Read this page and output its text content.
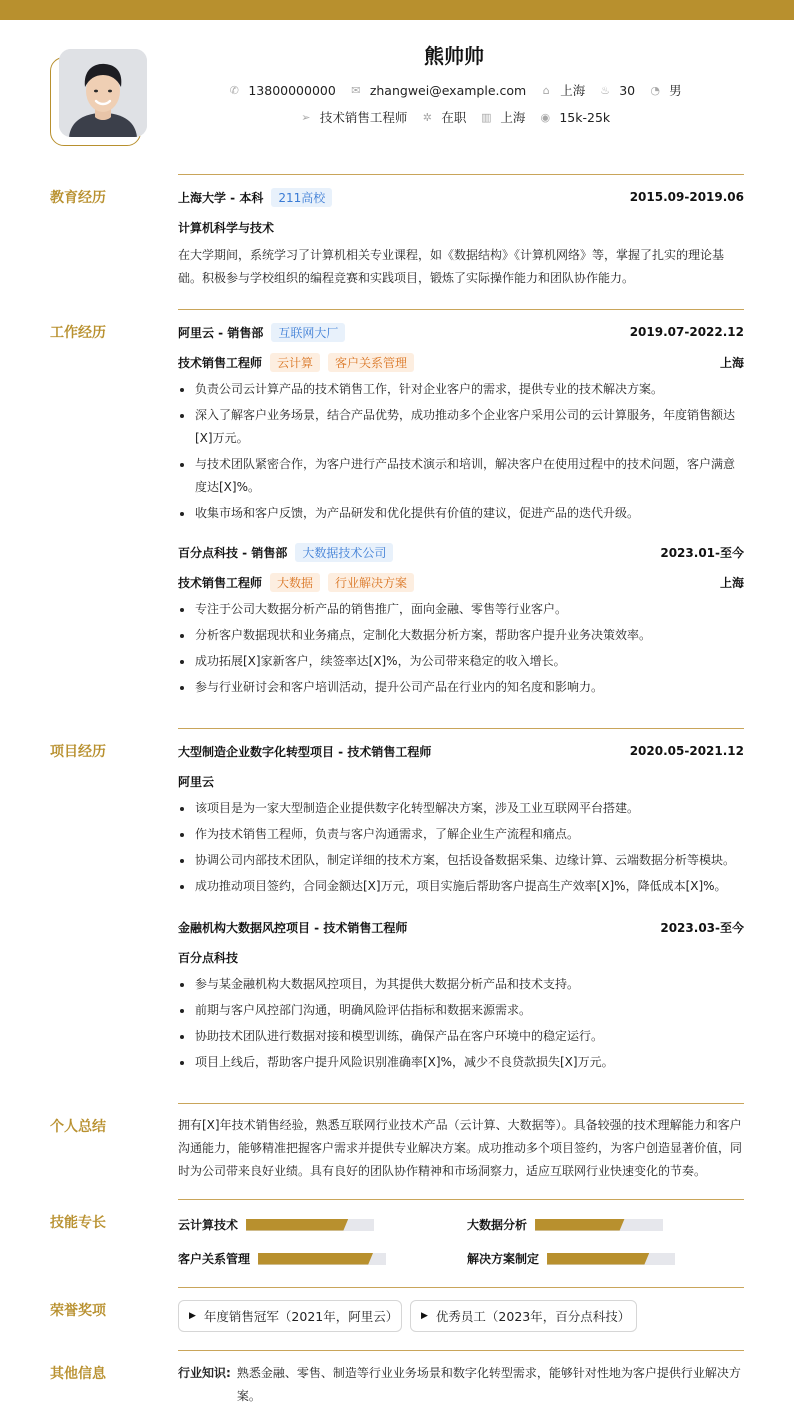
熊帅帅
✆ 13800000000 ✉ zhangwei@example.com ⌂ 上海 ♨ 30 ◔ 男
➢ 技术销售工程师 ✲ 在职 ▥ 上海 ◉ 15k-25k
教育经历	上海大学 - 本科	211高校	2015.09-2019.06
计算机科学与技术
在大学期间，系统学习了计算机相关专业课程，如《数据结构》《计算机网络》等，掌握了扎实的理论基础。积极参与学校组织的编程竞赛和实践项目，锻炼了实际操作能力和团队协作能力。
工作经历	阿里云 - 销售部	互联网大厂	2019.07-2022.12
技术销售工程师	云计算	客户关系管理	上海
负责公司云计算产品的技术销售工作，针对企业客户的需求，提供专业的技术解决方案。
深入了解客户业务场景，结合产品优势，成功推动多个企业客户采用公司的云计算服务，年度销售额达[X]万元。
与技术团队紧密合作，为客户进行产品技术演示和培训，解决客户在使用过程中的技术问题，客户满意度达[X]%。
收集市场和客户反馈，为产品研发和优化提供有价值的建议，促进产品的迭代升级。
百分点科技 - 销售部	大数据技术公司	2023.01-至今
技术销售工程师	大数据	行业解决方案	上海
专注于公司大数据分析产品的销售推广，面向金融、零售等行业客户。
分析客户数据现状和业务痛点，定制化大数据分析方案，帮助客户提升业务决策效率。
成功拓展[X]家新客户，续签率达[X]%，为公司带来稳定的收入增长。
参与行业研讨会和客户培训活动，提升公司产品在行业内的知名度和影响力。
项目经历	大型制造企业数字化转型项目 - 技术销售工程师	2020.05-2021.12
阿里云
该项目是为一家大型制造企业提供数字化转型解决方案，涉及工业互联网平台搭建。
作为技术销售工程师，负责与客户沟通需求，了解企业生产流程和痛点。
协调公司内部技术团队，制定详细的技术方案，包括设备数据采集、边缘计算、云端数据分析等模块。
成功推动项目签约，合同金额达[X]万元，项目实施后帮助客户提高生产效率[X]%，降低成本[X]%。
金融机构大数据风控项目 - 技术销售工程师	2023.03-至今
百分点科技
参与某金融机构大数据风控项目，为其提供大数据分析产品和技术支持。
前期与客户风控部门沟通，明确风险评估指标和数据来源需求。
协助技术团队进行数据对接和模型训练，确保产品在客户环境中的稳定运行。
项目上线后，帮助客户提升风险识别准确率[X]%，减少不良贷款损失[X]万元。
个人总结	拥有[X]年技术销售经验，熟悉互联网行业技术产品（云计算、大数据等）。具备较强的技术理解能力和客户沟通能力，能够精准把握客户需求并提供专业解决方案。成功推动多个项目签约，为客户创造显著价值，同时为公司带来良好业绩。具有良好的团队协作精神和市场洞察力，适应互联网行业快速变化的节奏。
技能专长	云计算技术	大数据分析
客户关系管理	解决方案制定
荣誉奖项	▶ 年度销售冠军（2021年，阿里云）	▶ 优秀员工（2023年，百分点科技）
其他信息	行业知识: 熟悉金融、零售、制造等行业业务场景和数字化转型需求，能够针对性地为客户提供行业解决方案。
